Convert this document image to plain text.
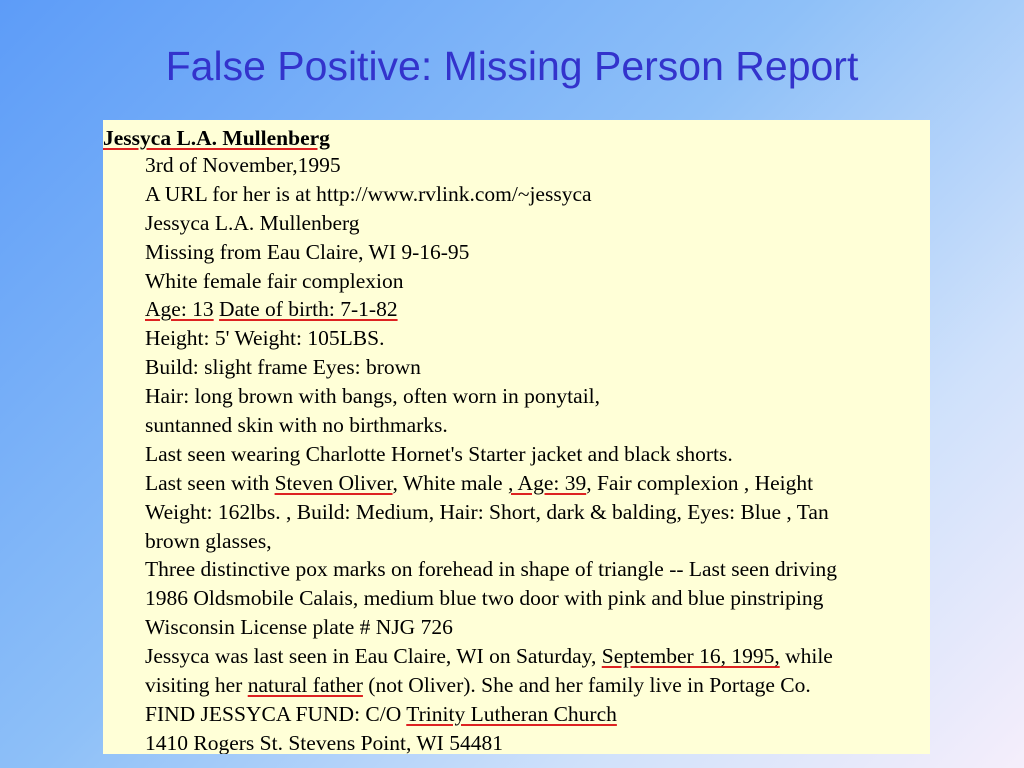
False Positive: Missing Person Report
Jessyca L.A. Mullenberg
3rd of November,1995
A URL for her is at http://www.rvlink.com/~jessyca
Jessyca L.A. Mullenberg
Missing from Eau Claire, WI 9-16-95
White female fair complexion
Age: 13 Date of birth: 7-1-82
Height: 5' Weight: 105LBS.
Build: slight frame Eyes: brown
Hair: long brown with bangs, often worn in ponytail,
suntanned skin with no birthmarks.
Last seen wearing Charlotte Hornet's Starter jacket and black shorts.
Last seen with Steven Oliver, White male , Age: 39, Fair complexion , Height
Weight: 162lbs. , Build: Medium, Hair: Short, dark & balding, Eyes: Blue , Tan
brown glasses,
Three distinctive pox marks on forehead in shape of triangle -- Last seen driving
1986 Oldsmobile Calais, medium blue two door with pink and blue pinstriping
Wisconsin License plate # NJG 726
Jessyca was last seen in Eau Claire, WI on Saturday, September 16, 1995, while
visiting her natural father (not Oliver). She and her family live in Portage Co.
FIND JESSYCA FUND: C/O Trinity Lutheran Church
1410 Rogers St. Stevens Point, WI 54481
